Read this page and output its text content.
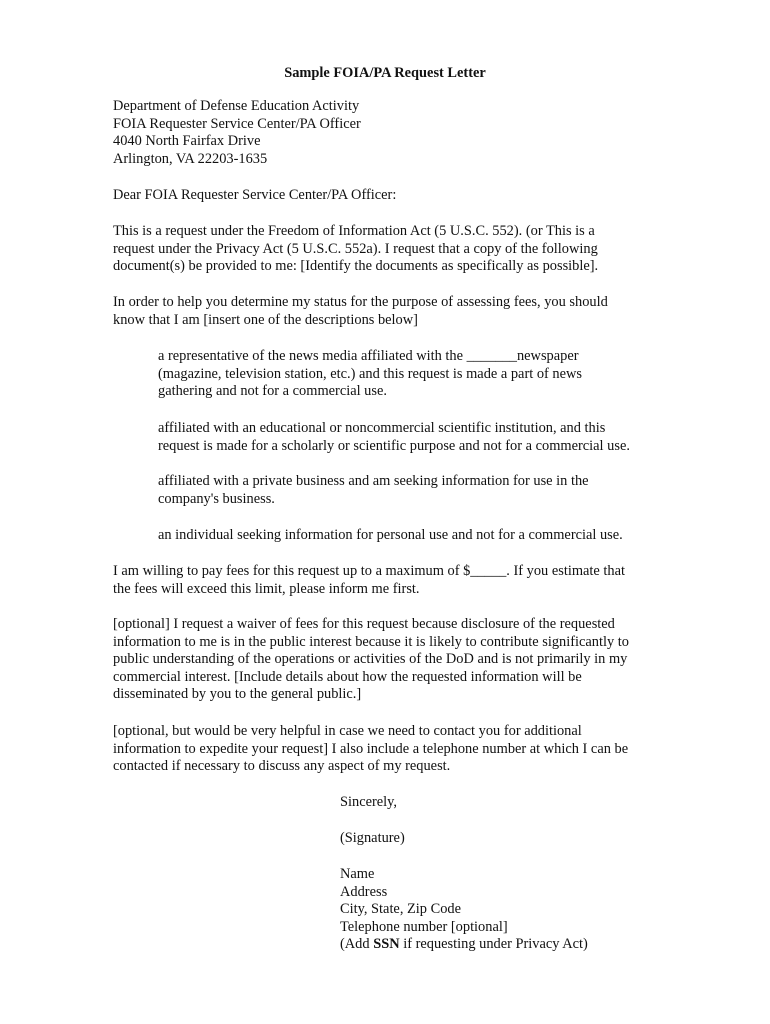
Sample FOIA/PA Request Letter
Department of Defense Education Activity
FOIA Requester Service Center/PA Officer
4040 North Fairfax Drive
Arlington, VA 22203-1635
Dear FOIA Requester Service Center/PA Officer:
This is a request under the Freedom of Information Act (5 U.S.C. 552). (or This is a
request under the Privacy Act (5 U.S.C. 552a). I request that a copy of the following
document(s) be provided to me: [Identify the documents as specifically as possible].
In order to help you determine my status for the purpose of assessing fees, you should
know that I am [insert one of the descriptions below]
a representative of the news media affiliated with the _______newspaper
(magazine, television station, etc.) and this request is made a part of news
gathering and not for a commercial use.
affiliated with an educational or noncommercial scientific institution, and this
request is made for a scholarly or scientific purpose and not for a commercial use.
affiliated with a private business and am seeking information for use in the
company's business.
an individual seeking information for personal use and not for a commercial use.
I am willing to pay fees for this request up to a maximum of $_____. If you estimate that
the fees will exceed this limit, please inform me first.
[optional] I request a waiver of fees for this request because disclosure of the requested
information to me is in the public interest because it is likely to contribute significantly to
public understanding of the operations or activities of the DoD and is not primarily in my
commercial interest. [Include details about how the requested information will be
disseminated by you to the general public.]
[optional, but would be very helpful in case we need to contact you for additional
information to expedite your request] I also include a telephone number at which I can be
contacted if necessary to discuss any aspect of my request.
Sincerely,
(Signature)
Name
Address
City, State, Zip Code
Telephone number [optional]
(Add SSN if requesting under Privacy Act)
